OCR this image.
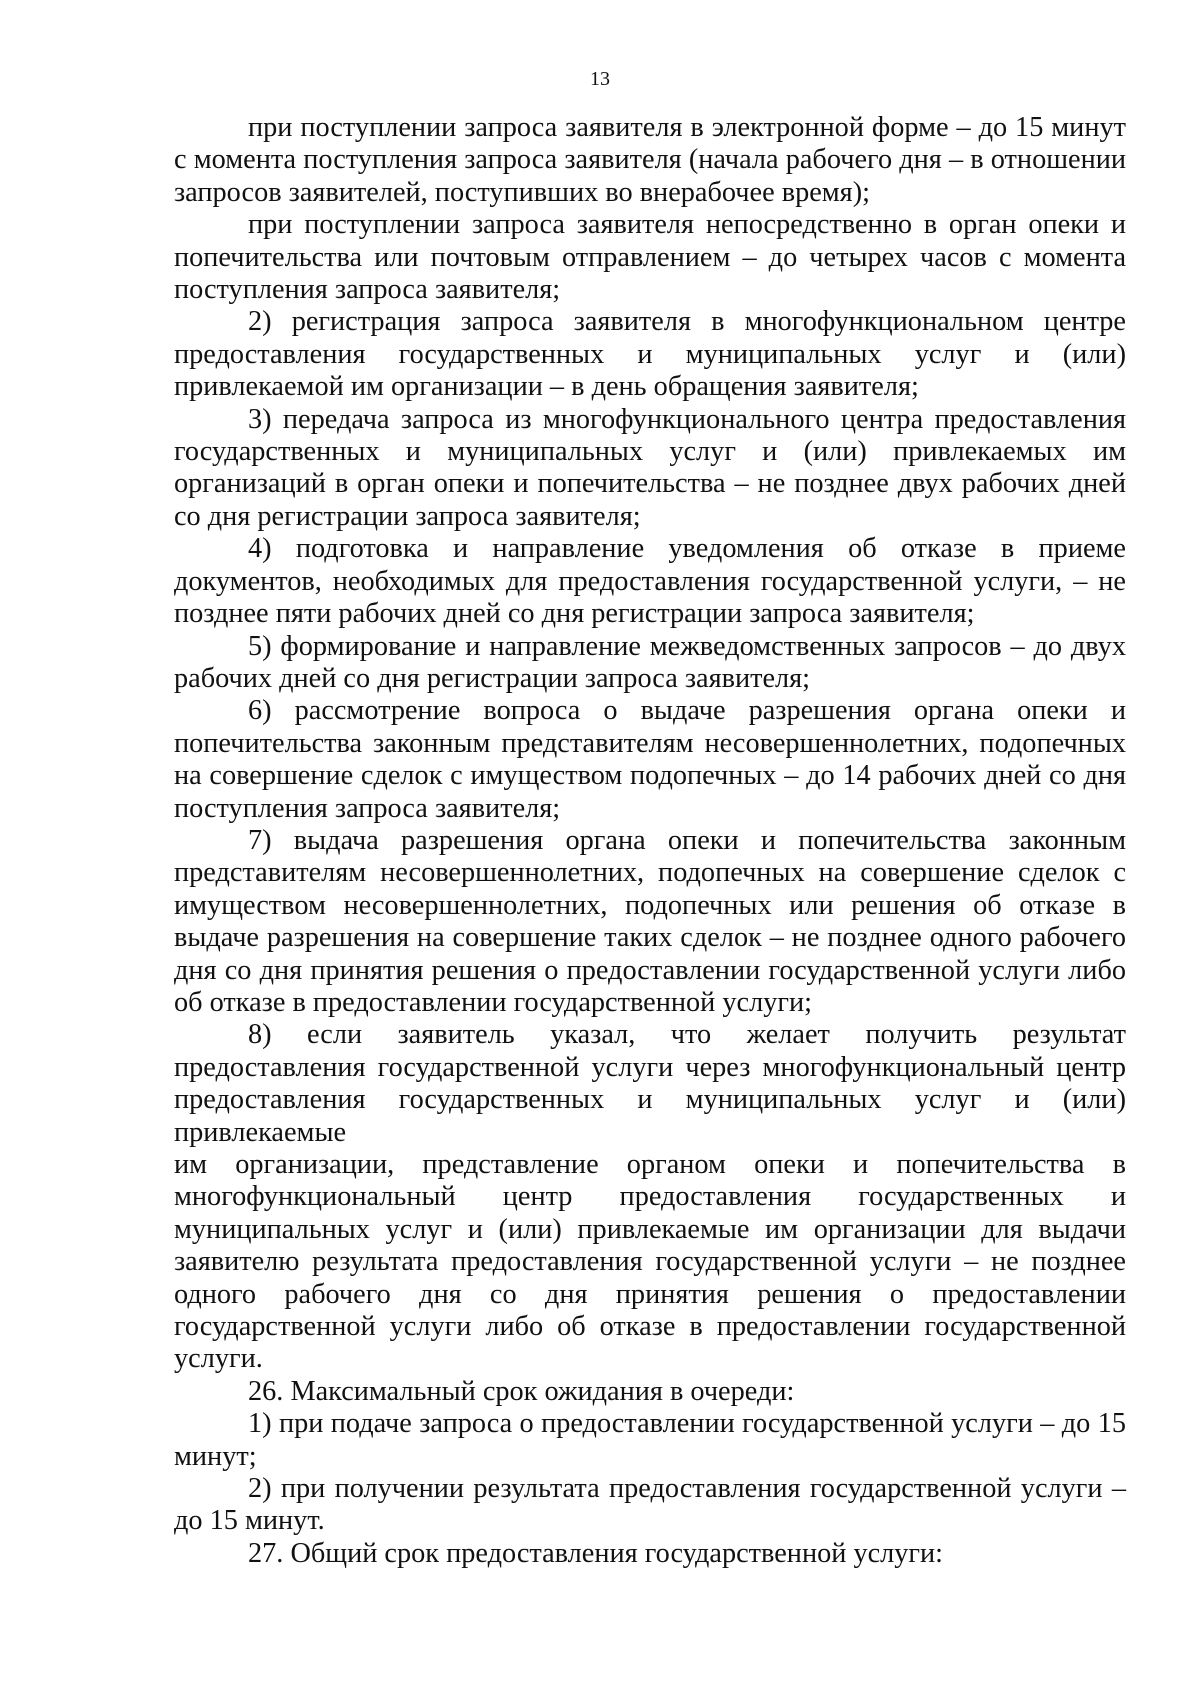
13

при поступлении запроса заявителя в электронной форме – до 15 минут с момента поступления запроса заявителя (начала рабочего дня – в отношении запросов заявителей, поступивших во внерабочее время);

при поступлении запроса заявителя непосредственно в орган опеки и попечительства или почтовым отправлением – до четырех часов с момента поступления запроса заявителя;

2) регистрация запроса заявителя в многофункциональном центре предоставления государственных и муниципальных услуг и (или) привлекаемой им организации – в день обращения заявителя;

3) передача запроса из многофункционального центра предоставления государственных и муниципальных услуг и (или) привлекаемых им организаций в орган опеки и попечительства – не позднее двух рабочих дней со дня регистрации запроса заявителя;

4) подготовка и направление уведомления об отказе в приеме документов, необходимых для предоставления государственной услуги, – не позднее пяти рабочих дней со дня регистрации запроса заявителя;

5) формирование и направление межведомственных запросов – до двух рабочих дней со дня регистрации запроса заявителя;

6) рассмотрение вопроса о выдаче разрешения органа опеки и попечительства законным представителям несовершеннолетних, подопечных на совершение сделок с имуществом подопечных – до 14 рабочих дней со дня поступления запроса заявителя;

7) выдача разрешения органа опеки и попечительства законным представителям несовершеннолетних, подопечных на совершение сделок с имуществом несовершеннолетних, подопечных или решения об отказе в выдаче разрешения на совершение таких сделок – не позднее одного рабочего дня со дня принятия решения о предоставлении государственной услуги либо об отказе в предоставлении государственной услуги;

8) если заявитель указал, что желает получить результат предоставления государственной услуги через многофункциональный центр предоставления государственных и муниципальных услуг и (или) привлекаемые

им организации, представление органом опеки и попечительства в многофункциональный центр предоставления государственных и муниципальных услуг и (или) привлекаемые им организации для выдачи заявителю результата предоставления государственной услуги – не позднее одного рабочего дня со дня принятия решения о предоставлении государственной услуги либо об отказе в предоставлении государственной услуги.

26. Максимальный срок ожидания в очереди:

1) при подаче запроса о предоставлении государственной услуги – до 15 минут;

2) при получении результата предоставления государственной услуги – до 15 минут.

27. Общий срок предоставления государственной услуги:
